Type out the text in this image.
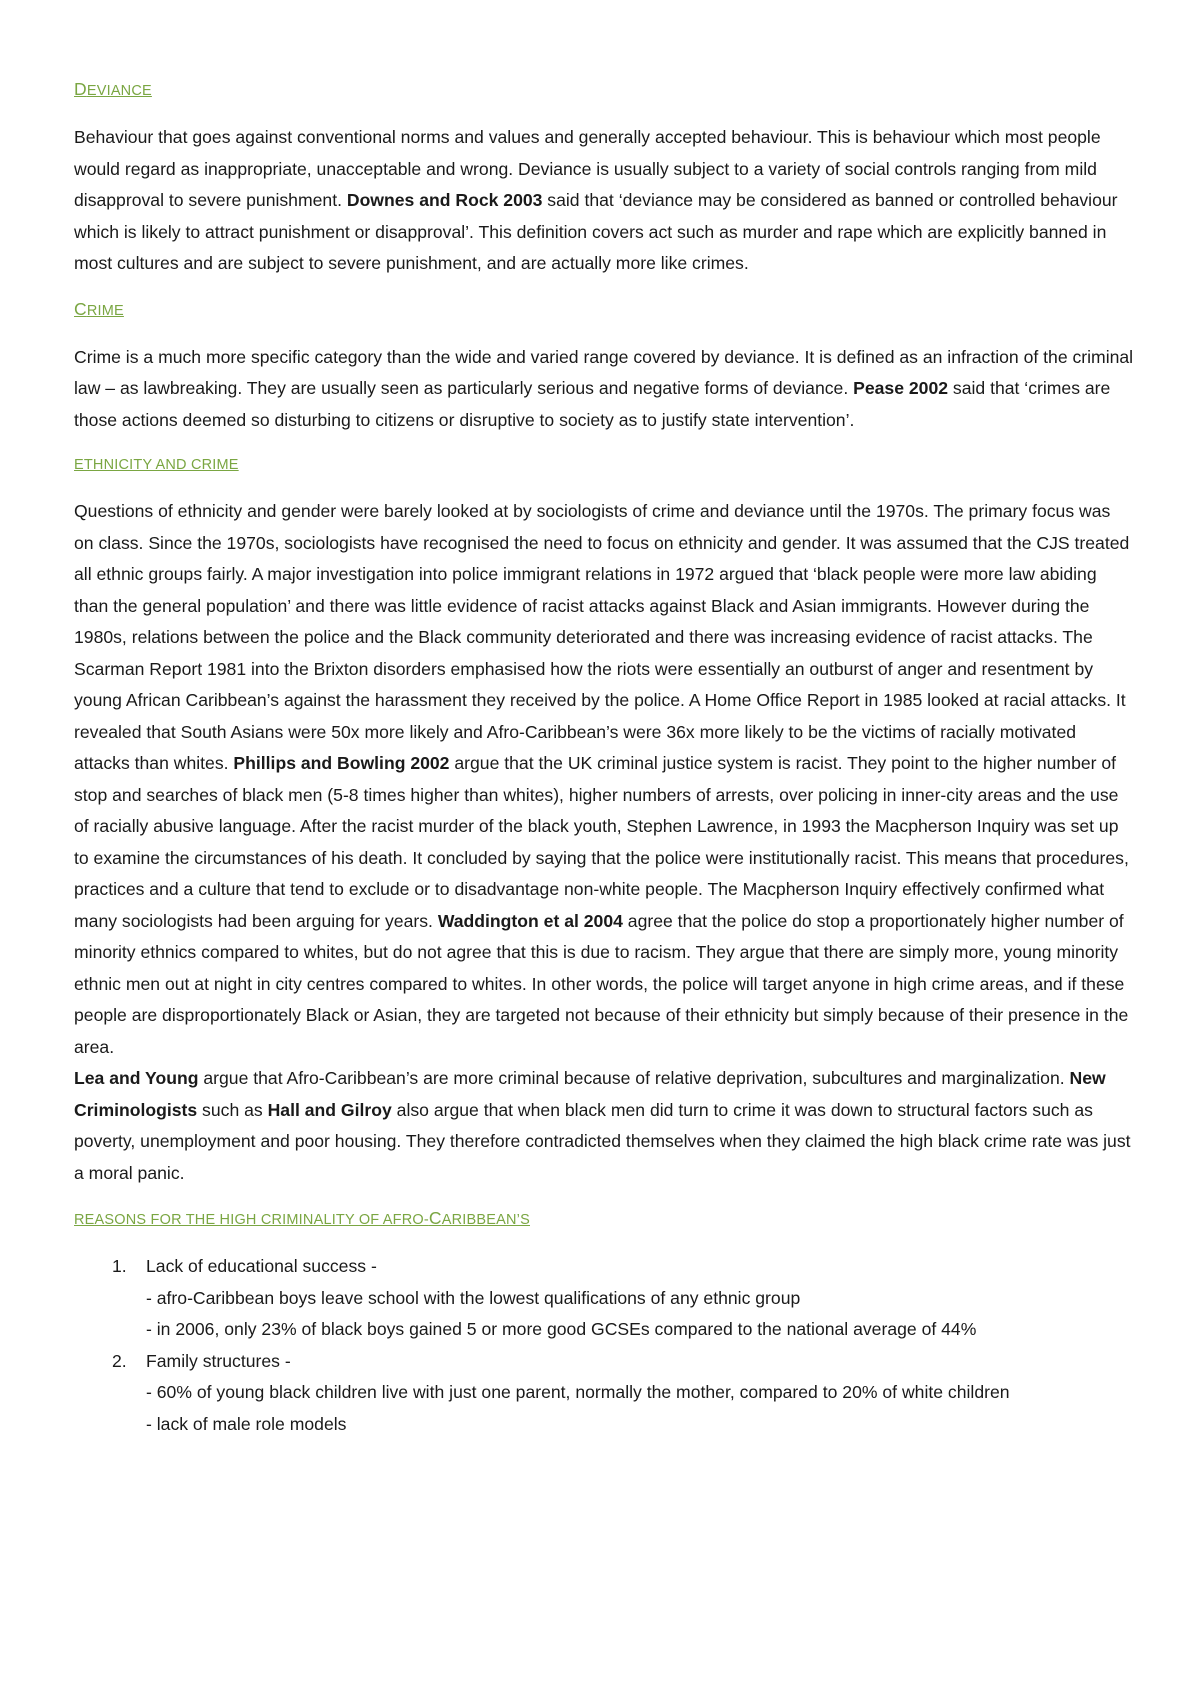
DEVIANCE

Behaviour that goes against conventional norms and values and generally accepted behaviour. This is behaviour which most people would regard as inappropriate, unacceptable and wrong. Deviance is usually subject to a variety of social controls ranging from mild disapproval to severe punishment. Downes and Rock 2003 said that ‘deviance may be considered as banned or controlled behaviour which is likely to attract punishment or disapproval’. This definition covers act such as murder and rape which are explicitly banned in most cultures and are subject to severe punishment, and are actually more like crimes.

CRIME

Crime is a much more specific category than the wide and varied range covered by deviance. It is defined as an infraction of the criminal law – as lawbreaking. They are usually seen as particularly serious and negative forms of deviance. Pease 2002 said that ‘crimes are those actions deemed so disturbing to citizens or disruptive to society as to justify state intervention’.

ETHNICITY AND CRIME

Questions of ethnicity and gender were barely looked at by sociologists of crime and deviance until the 1970s. The primary focus was on class. Since the 1970s, sociologists have recognised the need to focus on ethnicity and gender. It was assumed that the CJS treated all ethnic groups fairly. A major investigation into police immigrant relations in 1972 argued that ‘black people were more law abiding than the general population’ and there was little evidence of racist attacks against Black and Asian immigrants. However during the 1980s, relations between the police and the Black community deteriorated and there was increasing evidence of racist attacks. The Scarman Report 1981 into the Brixton disorders emphasised how the riots were essentially an outburst of anger and resentment by young African Caribbean’s against the harassment they received by the police. A Home Office Report in 1985 looked at racial attacks. It revealed that South Asians were 50x more likely and Afro-Caribbean’s were 36x more likely to be the victims of racially motivated attacks than whites. Phillips and Bowling 2002 argue that the UK criminal justice system is racist. They point to the higher number of stop and searches of black men (5-8 times higher than whites), higher numbers of arrests, over policing in inner-city areas and the use of racially abusive language. After the racist murder of the black youth, Stephen Lawrence, in 1993 the Macpherson Inquiry was set up to examine the circumstances of his death. It concluded by saying that the police were institutionally racist. This means that procedures, practices and a culture that tend to exclude or to disadvantage non-white people. The Macpherson Inquiry effectively confirmed what many sociologists had been arguing for years. Waddington et al 2004 agree that the police do stop a proportionately higher number of minority ethnics compared to whites, but do not agree that this is due to racism. They argue that there are simply more, young minority ethnic men out at night in city centres compared to whites. In other words, the police will target anyone in high crime areas, and if these people are disproportionately Black or Asian, they are targeted not because of their ethnicity but simply because of their presence in the area.

Lea and Young argue that Afro-Caribbean’s are more criminal because of relative deprivation, subcultures and marginalization. New Criminologists such as Hall and Gilroy also argue that when black men did turn to crime it was down to structural factors such as poverty, unemployment and poor housing. They therefore contradicted themselves when they claimed the high black crime rate was just a moral panic.

REASONS FOR THE HIGH CRIMINALITY OF AFRO-CARIBBEAN’S
1. Lack of educational success -
- afro-Caribbean boys leave school with the lowest qualifications of any ethnic group
- in 2006, only 23% of black boys gained 5 or more good GCSEs compared to the national average of 44%
2. Family structures -
- 60% of young black children live with just one parent, normally the mother, compared to 20% of white children
- lack of male role models
